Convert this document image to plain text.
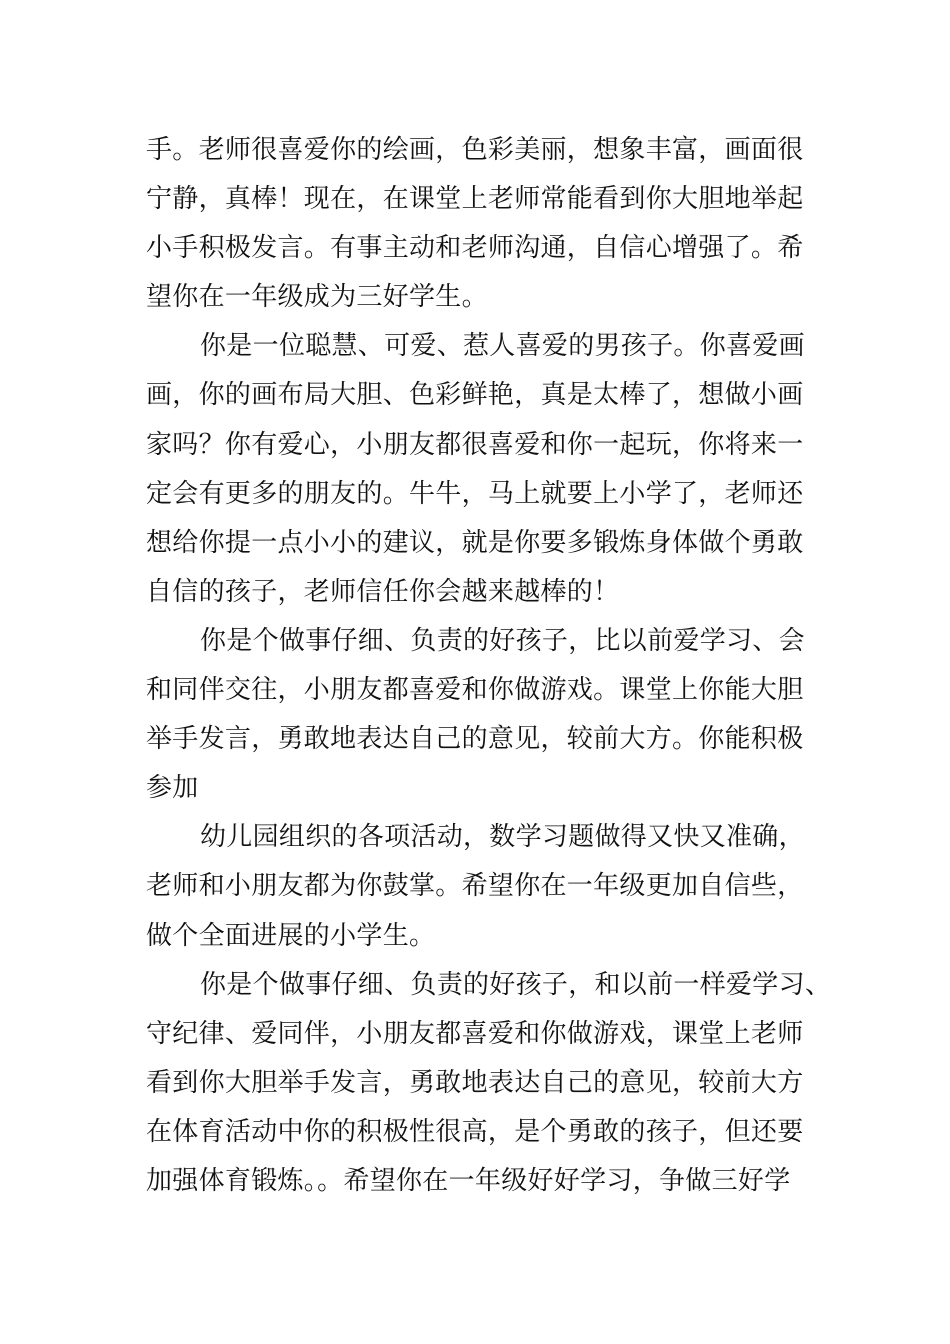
手。老师很喜爱你的绘画，色彩美丽，想象丰富，画面很
宁静，真棒！现在，在课堂上老师常能看到你大胆地举起
小手积极发言。有事主动和老师沟通，自信心增强了。希
望你在一年级成为三好学生。
你是一位聪慧、可爱、惹人喜爱的男孩子。你喜爱画
画，你的画布局大胆、色彩鲜艳，真是太棒了，想做小画
家吗？你有爱心，小朋友都很喜爱和你一起玩，你将来一
定会有更多的朋友的。牛牛，马上就要上小学了，老师还
想给你提一点小小的建议，就是你要多锻炼身体做个勇敢
自信的孩子，老师信任你会越来越棒的！
你是个做事仔细、负责的好孩子，比以前爱学习、会
和同伴交往，小朋友都喜爱和你做游戏。课堂上你能大胆
举手发言，勇敢地表达自己的意见，较前大方。你能积极
参加
幼儿园组织的各项活动，数学习题做得又快又准确，
老师和小朋友都为你鼓掌。希望你在一年级更加自信些，
做个全面进展的小学生。
你是个做事仔细、负责的好孩子，和以前一样爱学习、
守纪律、爱同伴，小朋友都喜爱和你做游戏，课堂上老师
看到你大胆举手发言，勇敢地表达自己的意见，较前大方
在体育活动中你的积极性很高，是个勇敢的孩子，但还要
加强体育锻炼。。希望你在一年级好好学习，争做三好学
